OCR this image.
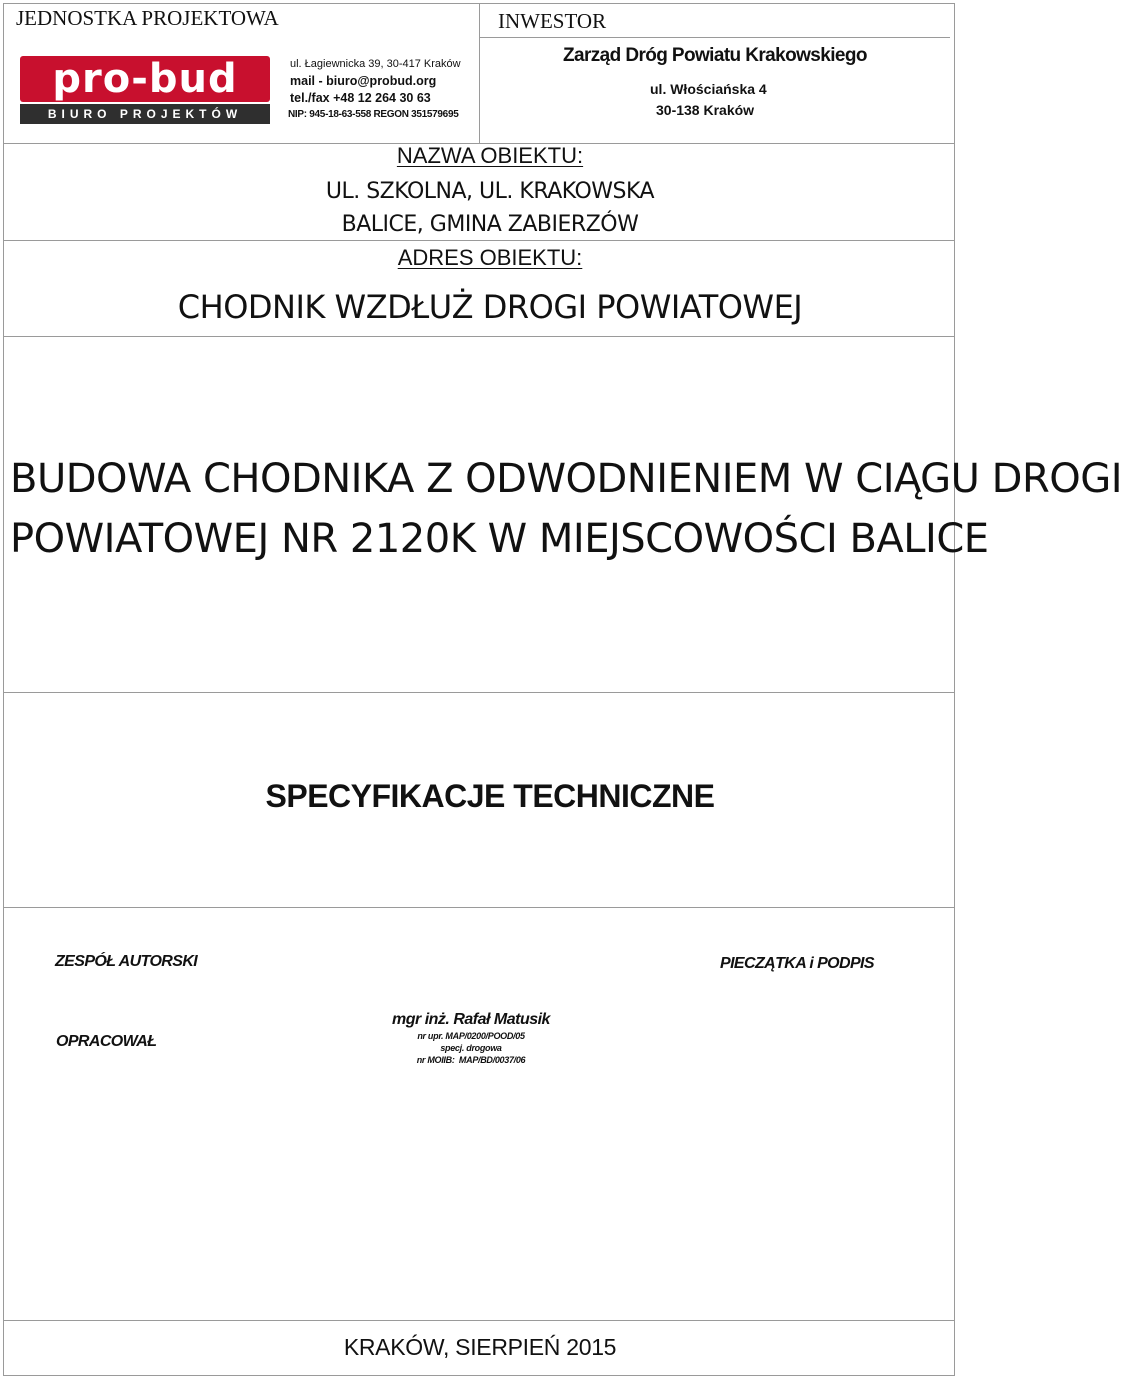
JEDNOSTKA PROJEKTOWA
pro-bud
BIURO PROJEKTÓW
ul. Łagiewnicka 39, 30-417 Kraków
mail - biuro@probud.org
tel./fax +48 12 264 30 63
NIP: 945-18-63-558 REGON 351579695
INWESTOR
Zarząd Dróg Powiatu Krakowskiego
ul. Włościańska 4
30-138 Kraków
NAZWA OBIEKTU:
UL. SZKOLNA, UL. KRAKOWSKA
BALICE, GMINA ZABIERZÓW
ADRES OBIEKTU:
CHODNIK WZDŁUŻ DROGI POWIATOWEJ
BUDOWA CHODNIKA Z ODWODNIENIEM W CIĄGU DROGI
POWIATOWEJ NR 2120K W MIEJSCOWOŚCI BALICE
SPECYFIKACJE TECHNICZNE
ZESPÓŁ AUTORSKI	PIECZĄTKA i PODPIS
OPRACOWAŁ
mgr inż. Rafał Matusik
nr upr. MAP/0200/POOD/05
specj. drogowa
nr MOIIB:  MAP/BD/0037/06
KRAKÓW, SIERPIEŃ 2015
